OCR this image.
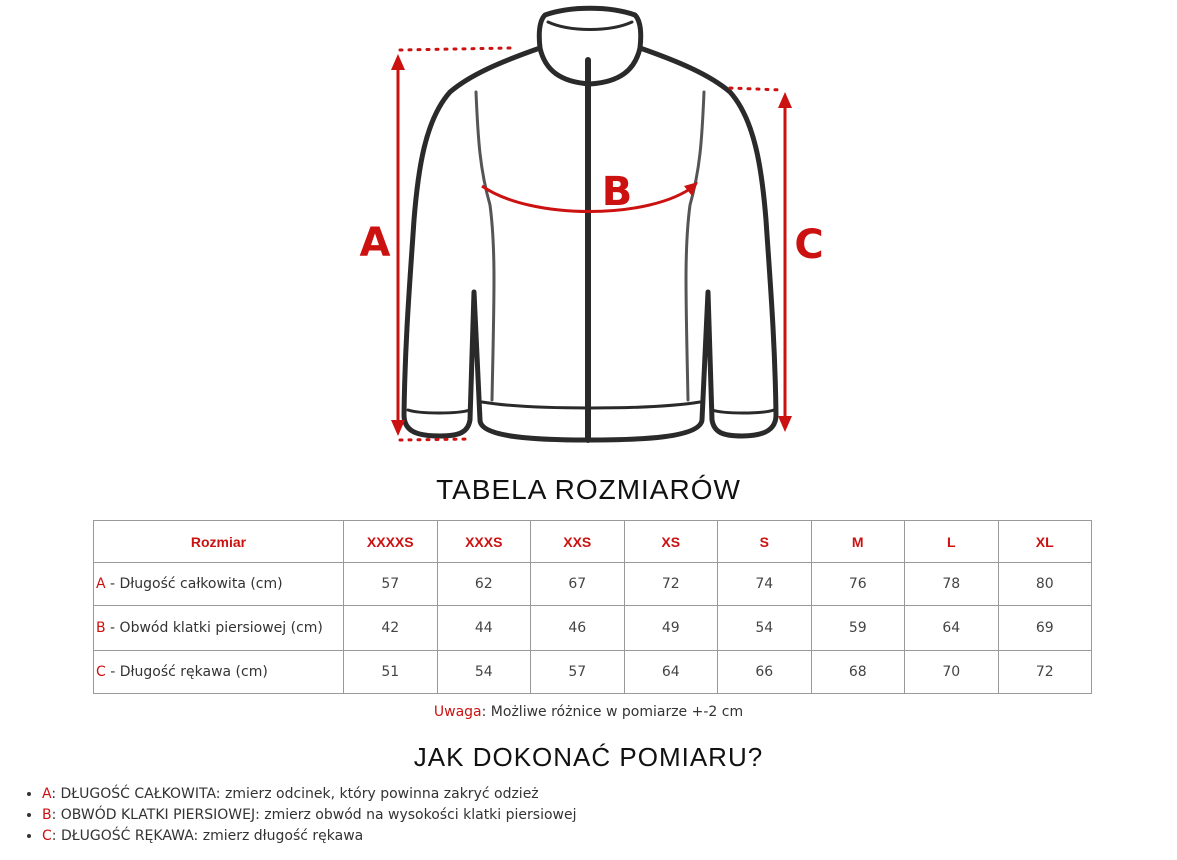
A
B
C
TABELA ROZMIARÓW
Rozmiar	XXXXS	XXXS	XXS	XS	S	M	L	XL
A - Długość całkowita (cm)	57	62	67	72	74	76	78	80
B - Obwód klatki piersiowej (cm)	42	44	46	49	54	59	64	69
C - Długość rękawa (cm)	51	54	57	64	66	68	70	72
Uwaga: Możliwe różnice w pomiarze +-2 cm
JAK DOKONAĆ POMIARU?
• A: DŁUGOŚĆ CAŁKOWITA: zmierz odcinek, który powinna zakryć odzież
• B: OBWÓD KLATKI PIERSIOWEJ: zmierz obwód na wysokości klatki piersiowej
• C: DŁUGOŚĆ RĘKAWA: zmierz długość rękawa
